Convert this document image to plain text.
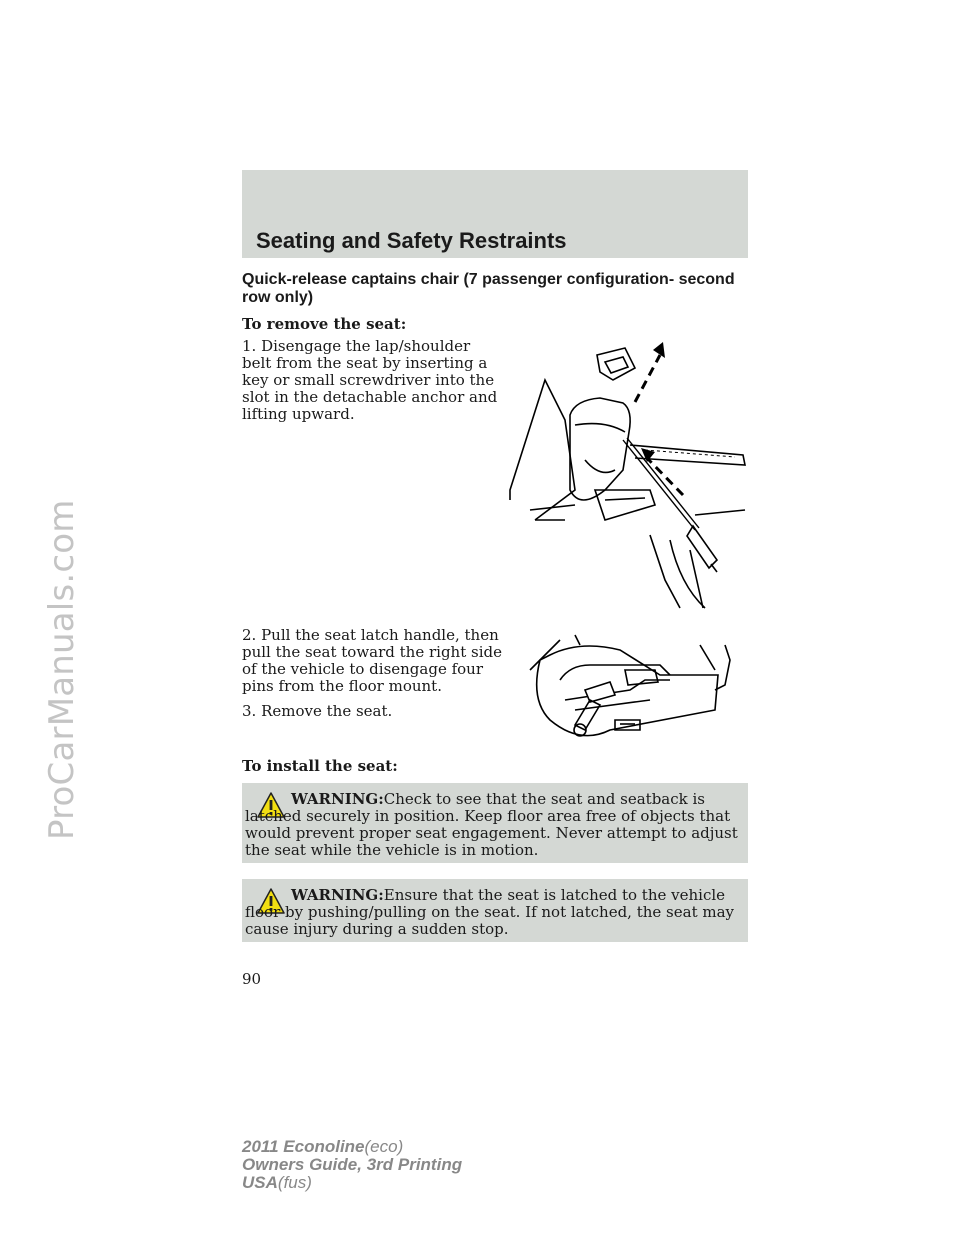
ProCarManuals.com
Seating and Safety Restraints
Quick-release captains chair (7 passenger configuration- second row only)
To remove the seat:
1. Disengage the lap/shoulder belt from the seat by inserting a key or small screwdriver into the slot in the detachable anchor and lifting upward.
2. Pull the seat latch handle, then pull the seat toward the right side of the vehicle to disengage four pins from the floor mount.
3. Remove the seat.
To install the seat:
WARNING:Check to see that the seat and seatback is latched securely in position. Keep floor area free of objects that would prevent proper seat engagement. Never attempt to adjust the seat while the vehicle is in motion.
WARNING:Ensure that the seat is latched to the vehicle floor by pushing/pulling on the seat. If not latched, the seat may cause injury during a sudden stop.
90
2011 Econoline(eco)
Owners Guide, 3rd Printing
USA(fus)
